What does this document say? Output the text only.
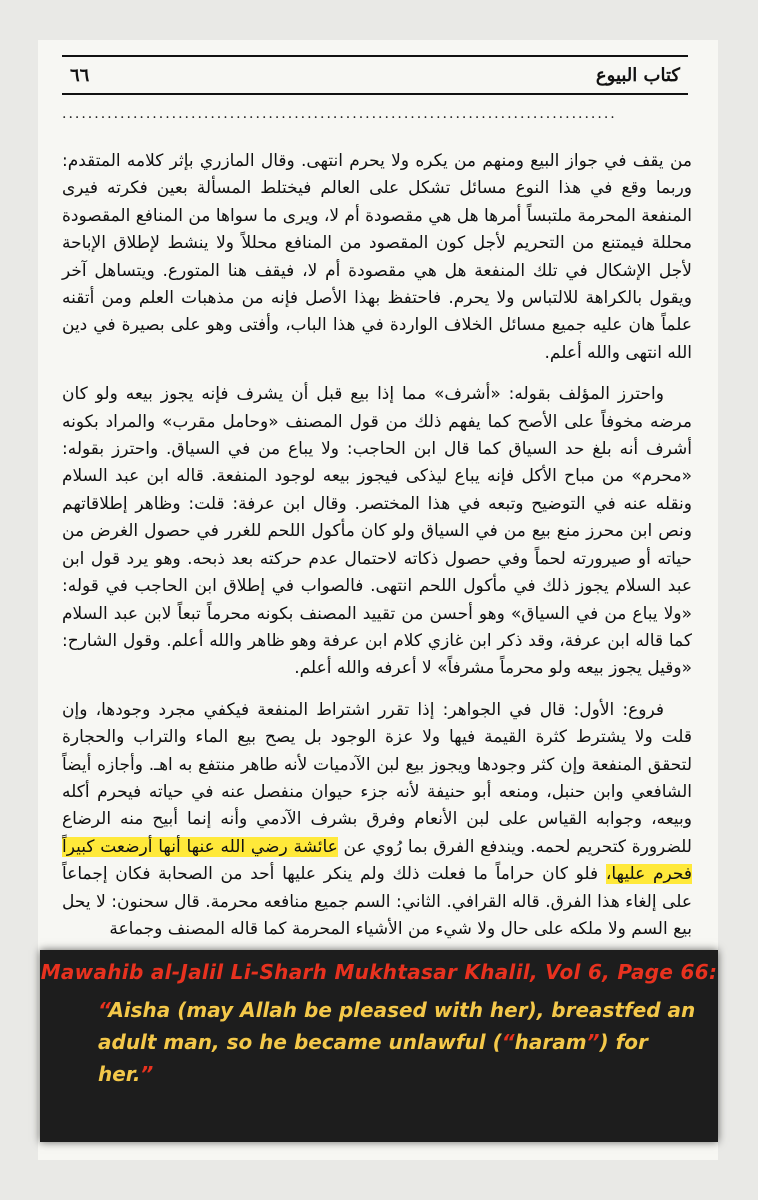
٦٦	كتاب البيوع
......................................................................................

من يقف في جواز البيع ومنهم من يكره ولا يحرم انتهى. وقال المازري بإثر كلامه المتقدم: وربما وقع في هذا النوع مسائل تشكل على العالم فيختلط المسألة بعين فكرته فيرى المنفعة المحرمة ملتبساً أمرها هل هي مقصودة أم لا، ويرى ما سواها من المنافع المقصودة محللة فيمتنع من التحريم لأجل كون المقصود من المنافع محللاً ولا ينشط لإطلاق الإباحة لأجل الإشكال في تلك المنفعة هل هي مقصودة أم لا، فيقف هنا المتورع. ويتساهل آخر ويقول بالكراهة للالتباس ولا يحرم. فاحتفظ بهذا الأصل فإنه من مذهبات العلم ومن أتقنه علماً هان عليه جميع مسائل الخلاف الواردة في هذا الباب، وأفتى وهو على بصيرة في دين الله انتهى والله أعلم.

واحترز المؤلف بقوله: «أشرف» مما إذا بيع قبل أن يشرف فإنه يجوز بيعه ولو كان مرضه مخوفاً على الأصح كما يفهم ذلك من قول المصنف «وحامل مقرب» والمراد بكونه أشرف أنه بلغ حد السياق كما قال ابن الحاجب: ولا يباع من في السياق. واحترز بقوله: «محرم» من مباح الأكل فإنه يباع ليذكى فيجوز بيعه لوجود المنفعة. قاله ابن عبد السلام ونقله عنه في التوضيح وتبعه في هذا المختصر. وقال ابن عرفة: قلت: وظاهر إطلاقاتهم ونص ابن محرز منع بيع من في السياق ولو كان مأكول اللحم للغرر في حصول الغرض من حياته أو صيرورته لحماً وفي حصول ذكاته لاحتمال عدم حركته بعد ذبحه. وهو يرد قول ابن عبد السلام يجوز ذلك في مأكول اللحم انتهى. فالصواب في إطلاق ابن الحاجب في قوله: «ولا يباع من في السياق» وهو أحسن من تقييد المصنف بكونه محرماً تبعاً لابن عبد السلام كما قاله ابن عرفة، وقد ذكر ابن غازي كلام ابن عرفة وهو ظاهر والله أعلم. وقول الشارح: «وقيل يجوز بيعه ولو محرماً مشرفاً» لا أعرفه والله أعلم.

فروع: الأول: قال في الجواهر: إذا تقرر اشتراط المنفعة فيكفي مجرد وجودها، وإن قلت ولا يشترط كثرة القيمة فيها ولا عزة الوجود بل يصح بيع الماء والتراب والحجارة لتحقق المنفعة وإن كثر وجودها ويجوز بيع لبن الآدميات لأنه طاهر منتفع به اهـ. وأجازه أيضاً الشافعي وابن حنبل، ومنعه أبو حنيفة لأنه جزء حيوان منفصل عنه في حياته فيحرم أكله وبيعه، وجوابه القياس على لبن الأنعام وفرق بشرف الآدمي وأنه إنما أبيح منه الرضاع للضرورة كتحريم لحمه. ويندفع الفرق بما رُوي عن عائشة رضي الله عنها أنها أرضعت كبيراً فحرم عليها، فلو كان حراماً ما فعلت ذلك ولم ينكر عليها أحد من الصحابة فكان إجماعاً على إلغاء هذا الفرق. قاله القرافي. الثاني: السم جميع منافعه محرمة. قال سحنون: لا يحل بيع السم ولا ملكه على حال ولا شيء من الأشياء المحرمة كما قاله المصنف وجماعة

Mawahib al-Jalil Li-Sharh Mukhtasar Khalil, Vol 6, Page 66:
“Aisha (may Allah be pleased with her), breastfed an adult man, so he became unlawful (“haram”) for her.”
